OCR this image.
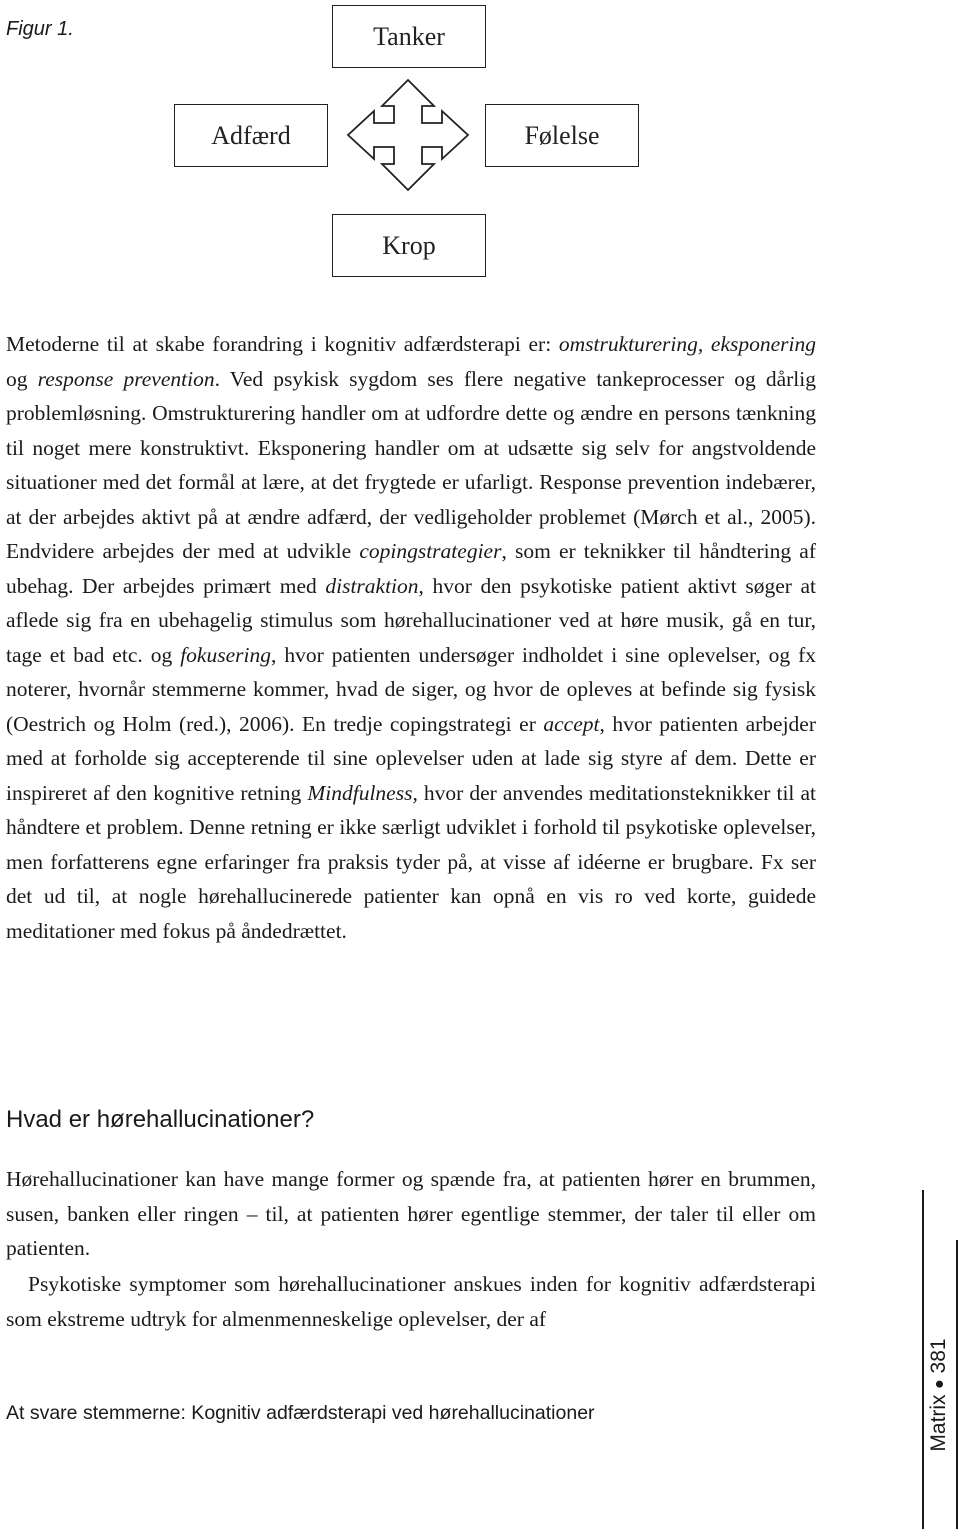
Figur 1.	Tanker
Adfærd	Følelse
Krop

Metoderne til at skabe forandring i kognitiv adfærdsterapi er: omstrukturering, eksponering og response prevention. Ved psykisk sygdom ses flere negative tankeprocesser og dårlig problemløsning. Omstrukturering handler om at udfordre dette og ændre en persons tænkning til noget mere konstruktivt. Eksponering handler om at udsætte sig selv for angstvoldende situationer med det formål at lære, at det frygtede er ufarligt. Response prevention indebærer, at der arbejdes aktivt på at ændre adfærd, der vedligeholder problemet (Mørch et al., 2005). Endvidere arbejdes der med at udvikle copingstrategier, som er teknikker til håndtering af ubehag. Der arbejdes primært med distraktion, hvor den psykotiske patient aktivt søger at aflede sig fra en ubehagelig stimulus som hørehallucinationer ved at høre musik, gå en tur, tage et bad etc. og fokusering, hvor patienten undersøger indholdet i sine oplevelser, og fx noterer, hvornår stemmerne kommer, hvad de siger, og hvor de opleves at befinde sig fysisk (Oestrich og Holm (red.), 2006). En tredje copingstrategi er accept, hvor patienten arbejder med at forholde sig accepterende til sine oplevelser uden at lade sig styre af dem. Dette er inspireret af den kognitive retning Mindfulness, hvor der anvendes meditationsteknikker til at håndtere et problem. Denne retning er ikke særligt udviklet i forhold til psykotiske oplevelser, men forfatterens egne erfaringer fra praksis tyder på, at visse af idéerne er brugbare. Fx ser det ud til, at nogle hørehallucinerede patienter kan opnå en vis ro ved korte, guidede meditationer med fokus på åndedrættet.

Hvad er hørehallucinationer?

Hørehallucinationer kan have mange former og spænde fra, at patienten hører en brummen, susen, banken eller ringen – til, at patienten hører egentlige stemmer, der taler til eller om patienten.

Psykotiske symptomer som hørehallucinationer anskues inden for kognitiv adfærdsterapi som ekstreme udtryk for almenmenneskelige oplevelser, der af

At svare stemmerne: Kognitiv adfærdsterapi ved hørehallucinationer	Matrix381
